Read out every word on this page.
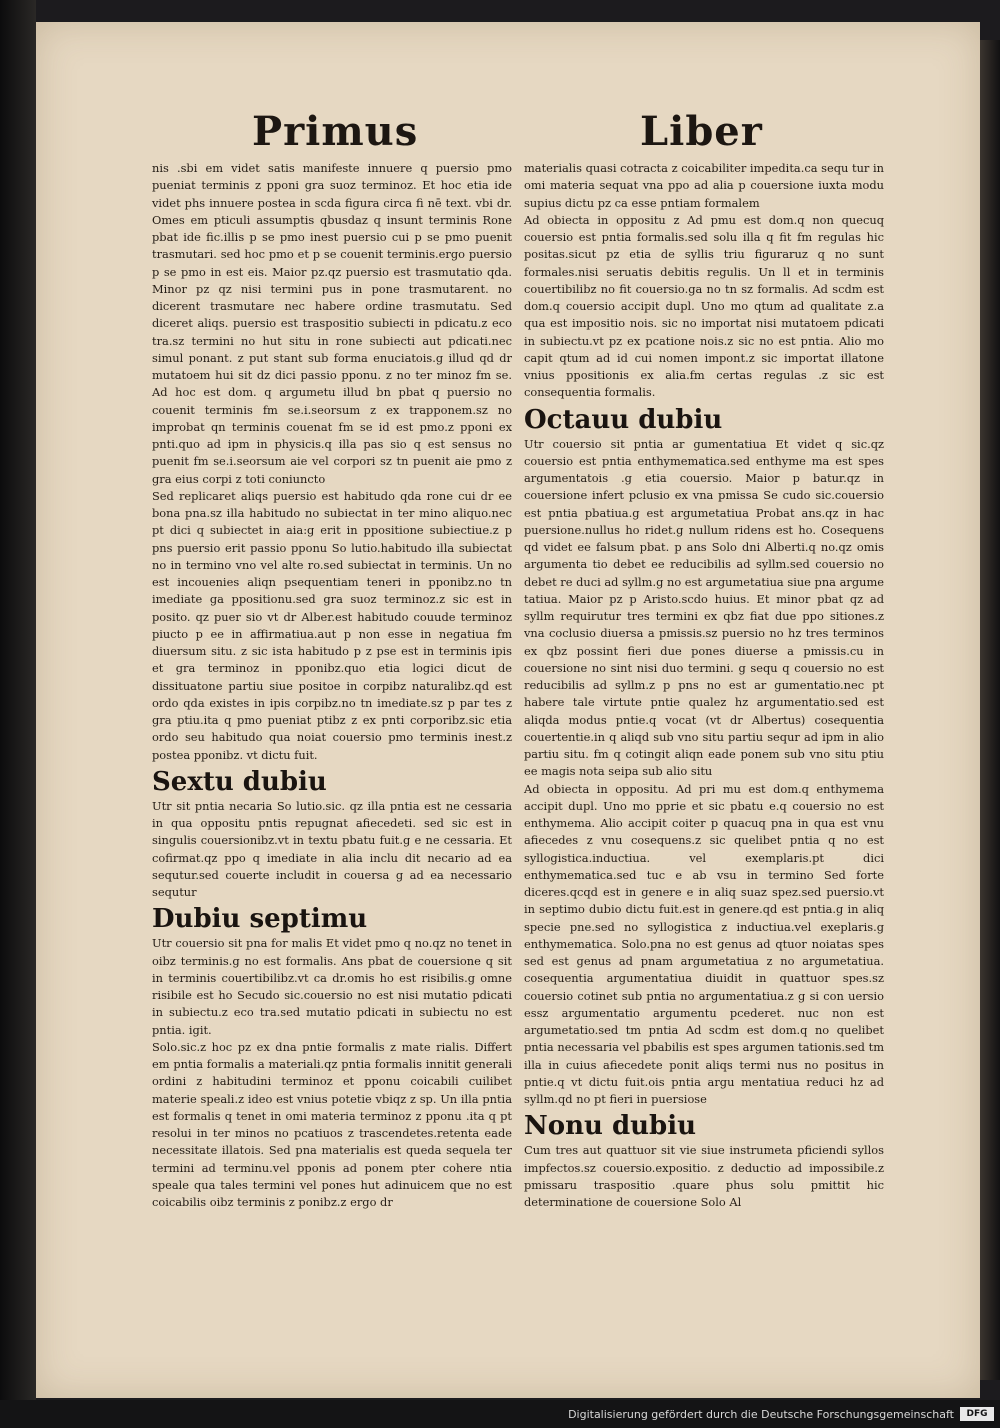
Primus	Liber

nis .sbi em videt satis manifeste innuere q puersio pmo pueniat terminis z pponi gra suoz terminoz. Et hoc etia ide videt phs innuere postea in scda figura circa fi nē text. vbi dr. Omes em pticuli assumptis qbusdaz q insunt terminis Rone pbat ide fic.illis p se pmo inest puersio cui p se pmo puenit trasmutari. sed hoc pmo et p se couenit terminis.ergo puersio p se pmo in est eis. Maior pz.qz puersio est trasmutatio qda. Minor pz qz nisi termini pus in pone trasmutarent. no dicerent trasmutare nec habere ordine trasmutatu. Sed diceret aliqs. puersio est traspositio subiecti in pdicatu.z eco tra.sz termini no hut situ in rone subiecti aut pdicati.nec simul ponant. z put stant sub forma enuciatois.g illud qd dr mutatoem hui sit dz dici passio pponu. z no ter minoz fm se. Ad hoc est dom. q argumetu illud bn pbat q puersio no couenit terminis fm se.i.seorsum z ex trapponem.sz no improbat qn terminis couenat fm se id est pmo.z pponi ex pnti.quo ad ipm in physicis.q illa pas sio q est sensus no puenit fm se.i.seorsum aie vel corpori sz tn puenit aie pmo z gra eius corpi z toti coniuncto

Sed replicaret aliqs puersio est habitudo qda rone cui dr ee bona pna.sz illa habitudo no subiectat in ter mino aliquo.nec pt dici q subiectet in aia:g erit in ppositione subiectiue.z p pns puersio erit passio pponu So lutio.habitudo illa subiectat no in termino vno vel alte ro.sed subiectat in terminis. Un no est incouenies aliqn psequentiam teneri in pponibz.no tn imediate ga ppositionu.sed gra suoz terminoz.z sic est in posito. qz puer sio vt dr Alber.est habitudo couude terminoz piucto p ee in affirmatiua.aut p non esse in negatiua fm diuersum situ. z sic ista habitudo p z pse est in terminis ipis et gra terminoz in pponibz.quo etia logici dicut de dissituatone partiu siue positoe in corpibz naturalibz.qd est ordo qda existes in ipis corpibz.no tn imediate.sz p par tes z gra ptiu.ita q pmo pueniat ptibz z ex pnti corporibz.sic etia ordo seu habitudo qua noiat couersio pmo terminis inest.z postea pponibz. vt dictu fuit.

Sextu dubiu

Utr sit pntia necaria So lutio.sic. qz illa pntia est ne cessaria in qua oppositu pntis repugnat afiecedeti. sed sic est in singulis couersionibz.vt in textu pbatu fuit.g e ne cessaria. Et cofirmat.qz ppo q imediate in alia inclu dit necario ad ea sequtur.sed couerte includit in couersa g ad ea necessario sequtur

Dubiu septimu

Utr couersio sit pna for malis Et videt pmo q no.qz no tenet in oibz terminis.g no est formalis. Ans pbat de couersione q sit in terminis couertibilibz.vt ca dr.omis ho est risibilis.g omne risibile est ho Secudo sic.couersio no est nisi mutatio pdicati in subiectu.z eco tra.sed mutatio pdicati in subiectu no est pntia. igit.

Solo.sic.z hoc pz ex dna pntie formalis z mate rialis. Differt em pntia formalis a materiali.qz pntia formalis innitit generali ordini z habitudini terminoz et pponu coicabili cuilibet materie speali.z ideo est vnius potetie vbiqz z sp. Un illa pntia est formalis q tenet in omi materia terminoz z pponu .ita q pt resolui in ter minos no pcatiuos z trascendetes.retenta eade necessitate illatois. Sed pna materialis est queda sequela ter termini ad terminu.vel pponis ad ponem pter cohere ntia speale qua tales termini vel pones hut adinuicem que no est coicabilis oibz terminis z ponibz.z ergo dr

materialis quasi cotracta z coicabiliter impedita.ca sequ tur in omi materia sequat vna ppo ad alia p couersione iuxta modu supius dictu pz ca esse pntiam formalem

Ad obiecta in oppositu z Ad pmu est dom.q non quecuq couersio est pntia formalis.sed solu illa q fit fm regulas hic positas.sicut pz etia de syllis triu figuraruz q no sunt formales.nisi seruatis debitis regulis. Un ll et in terminis couertibilibz no fit couersio.ga no tn sz formalis. Ad scdm est dom.q couersio accipit dupl. Uno mo qtum ad qualitate z.a qua est impositio nois. sic no importat nisi mutatoem pdicati in subiectu.vt pz ex pcatione nois.z sic no est pntia. Alio mo capit qtum ad id cui nomen impont.z sic importat illatone vnius ppositionis ex alia.fm certas regulas .z sic est consequentia formalis.

Octauu dubiu

Utr couersio sit pntia ar gumentatiua Et videt q sic.qz couersio est pntia enthymematica.sed enthyme ma est spes argumentatois .g etia couersio. Maior p batur.qz in couersione infert pclusio ex vna pmissa Se cudo sic.couersio est pntia pbatiua.g est argumetatiua Probat ans.qz in hac puersione.nullus ho ridet.g nullum ridens est ho. Cosequens qd videt ee falsum pbat. p ans Solo dni Alberti.q no.qz omis argumenta tio debet ee reducibilis ad syllm.sed couersio no debet re duci ad syllm.g no est argumetatiua siue pna argume tatiua. Maior pz p Aristo.scdo huius. Et minor pbat qz ad syllm requirutur tres termini ex qbz fiat due ppo sitiones.z vna coclusio diuersa a pmissis.sz puersio no hz tres terminos ex qbz possint fieri due pones diuerse a pmissis.cu in couersione no sint nisi duo termini. g sequ q couersio no est reducibilis ad syllm.z p pns no est ar gumentatio.nec pt habere tale virtute pntie qualez hz argumentatio.sed est aliqda modus pntie.q vocat (vt dr Albertus) cosequentia couertentie.in q aliqd sub vno situ partiu sequr ad ipm in alio partiu situ. fm q cotingit aliqn eade ponem sub vno situ ptiu ee magis nota seipa sub alio situ

Ad obiecta in oppositu. Ad pri mu est dom.q enthymema accipit dupl. Uno mo pprie et sic pbatu e.q couersio no est enthymema. Alio accipit coiter p quacuq pna in qua est vnu afiecedes z vnu cosequens.z sic quelibet pntia q no est syllogistica.inductiua. vel exemplaris.pt dici enthymematica.sed tuc e ab vsu in termino Sed forte diceres.qcqd est in genere e in aliq suaz spez.sed puersio.vt in septimo dubio dictu fuit.est in genere.qd est pntia.g in aliq specie pne.sed no syllogistica z inductiua.vel exeplaris.g enthymematica. Solo.pna no est genus ad qtuor noiatas spes sed est genus ad pnam argumetatiua z no argumetatiua. cosequentia argumentatiua diuidit in quattuor spes.sz couersio cotinet sub pntia no argumentatiua.z g si con uersio essz argumentatio argumentu pcederet. nuc non est argumetatio.sed tm pntia Ad scdm est dom.q no quelibet pntia necessaria vel pbabilis est spes argumen tationis.sed tm illa in cuius afiecedete ponit aliqs termi nus no positus in pntie.q vt dictu fuit.ois pntia argu mentatiua reduci hz ad syllm.qd no pt fieri in puersiose

Nonu dubiu

Cum tres aut quattuor sit vie siue instrumeta pficiendi syllos impfectos.sz couersio.expositio. z deductio ad impossibile.z pmissaru traspositio .quare phus solu pmittit hic determinatione de couersione Solo Al

Digitalisierung gefördert durch die Deutsche Forschungsgemeinschaft	DFG
